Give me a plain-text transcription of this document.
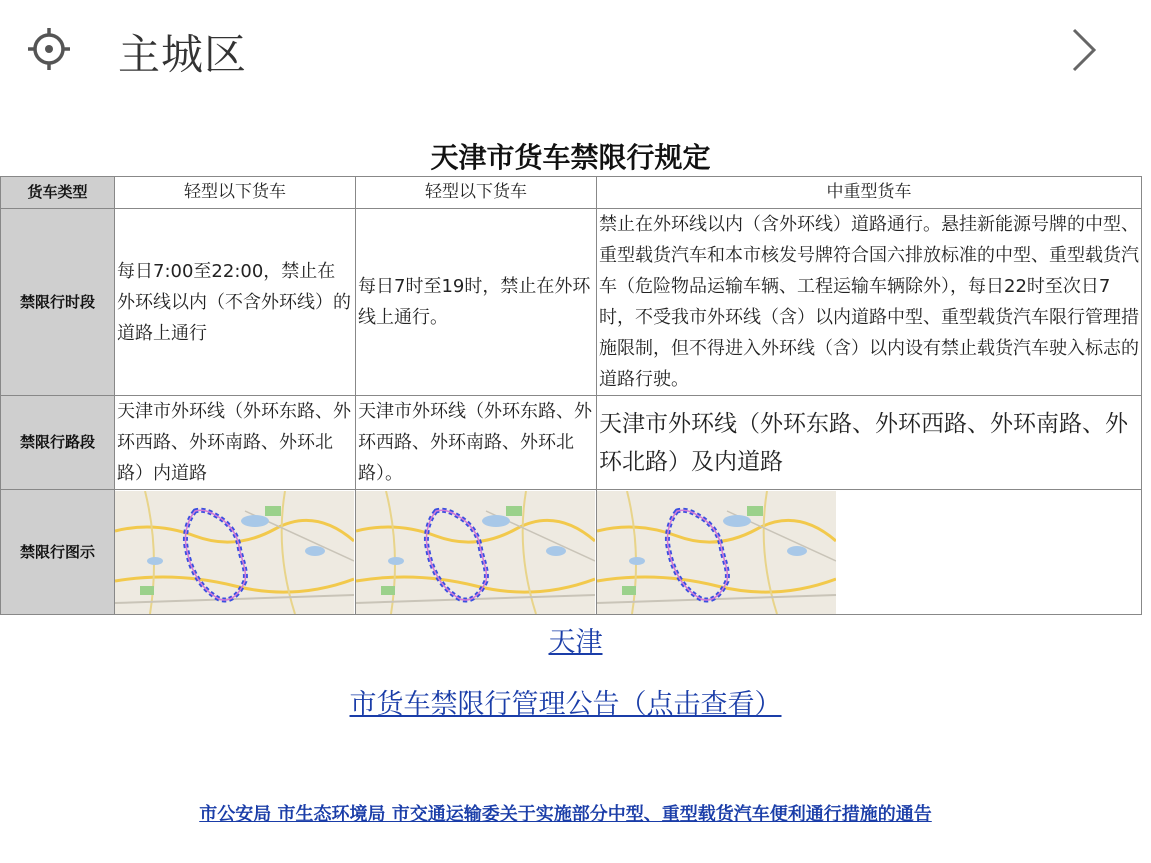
主城区
天津市货车禁限行规定
货车类型	轻型以下货车	轻型以下货车	中重型货车
禁限行时段	每日7:00至22:00，禁止在外环线以内（不含外环线）的道路上通行	每日7时至19时，禁止在外环线上通行。	禁止在外环线以内（含外环线）道路通行。悬挂新能源号牌的中型、重型载货汽车和本市核发号牌符合国六排放标准的中型、重型载货汽车（危险物品运输车辆、工程运输车辆除外），每日22时至次日7时，不受我市外环线（含）以内道路中型、重型载货汽车限行管理措施限制，但不得进入外环线（含）以内设有禁止载货汽车驶入标志的道路行驶。
禁限行路段	天津市外环线（外环东路、外环西路、外环南路、外环北路）内道路	天津市外环线（外环东路、外环西路、外环南路、外环北路）。	天津市外环线（外环东路、外环西路、外环南路、外环北路）及内道路
禁限行图示	

天津
市货车禁限行管理公告（点击查看）
市公安局 市生态环境局 市交通运输委关于实施部分中型、重型载货汽车便利通行措施的通告
